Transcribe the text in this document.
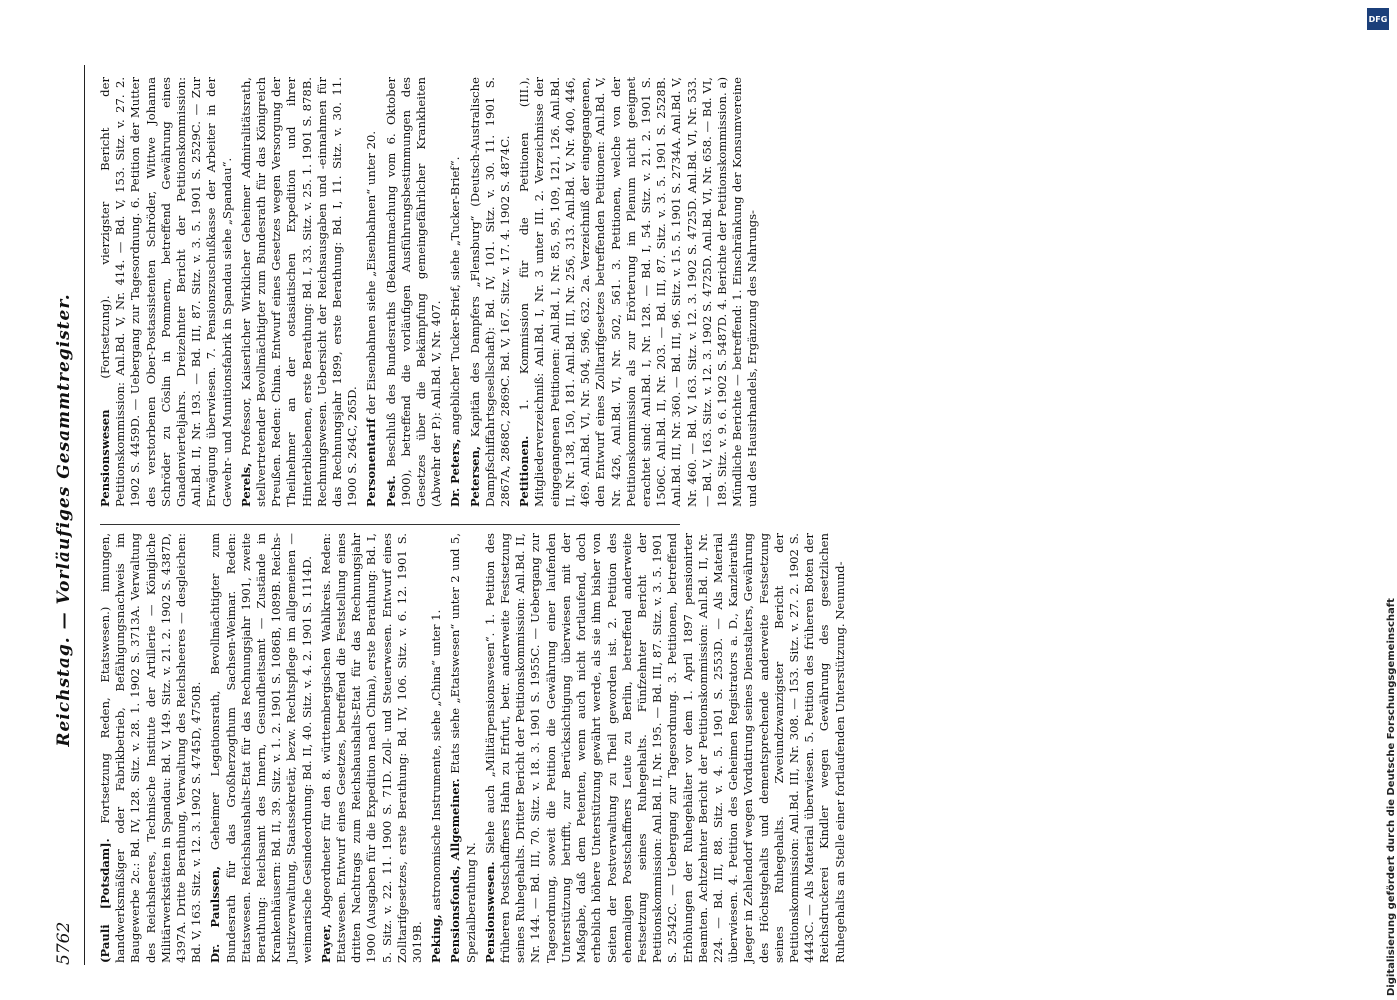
5762
Reichstag. — Vorläufiges Gesammtregister.

(Pauli [Potsdam]. Fortsetzung Reden, Etatswesen.) innungen, handwerksmäßiger oder Fabrikbetrieb, Befähigungsnachweis im Baugewerbe 2c.: Bd. IV, 128. Sitz. v. 28. 1. 1902 S. 3713A. Verwaltung des Reichsheeres, Technische Institute der Artillerie — Königliche Militärwerkstätten in Spandau: Bd. V, 149. Sitz. v. 21. 2. 1902 S. 4387D, 4397A. Dritte Berathung, Verwaltung des Reichsheeres — desgleichen: Bd. V, 163. Sitz. v. 12. 3. 1902 S. 4745D, 4750B. Dr. Paulssen, Geheimer Legationsrath, Bevollmächtigter zum Bundesrath für das Großherzogthum Sachsen-Weimar. Reden: Etatswesen. Reichshaushalts-Etat für das Rechnungsjahr 1901, zweite Berathung: Reichsamt des Innern, Gesundheitsamt — Zustände in Krankenhäusern: Bd. II, 39. Sitz. v. 1. 2. 1901 S. 1086B, 1089B. Reichs-Justizverwaltung, Staatssekretär, bezw. Rechtspflege im allgemeinen — weimarische Gesindeordnung: Bd. II, 40. Sitz. v. 4. 2. 1901 S. 1114D. Payer, Abgeordneter für den 8. württembergischen Wahlkreis. Reden: Etatswesen. Entwurf eines Gesetzes, betreffend die Feststellung eines dritten Nachtrags zum Reichshaushalts-Etat für das Rechnungsjahr 1900 (Ausgaben für die Expedition nach China), erste Berathung: Bd. I, 5. Sitz. v. 22. 11. 1900 S. 71D. Zoll- und Steuerwesen. Entwurf eines Zolltarifgesetzes, erste Berathung: Bd. IV, 106. Sitz. v. 6. 12. 1901 S. 3019B. Peking, astronomische Instrumente, siehe „China“ unter 1. Pensionsfonds, Allgemeiner. Etats siehe „Etatswesen“ unter 2 und 5, Spezialberathung N. Pensionswesen. Siehe auch „Militärpensionswesen“. 1. Petition des früheren Postschaffners Hahn zu Erfurt, betr. anderweite Festsetzung seines Ruhegehalts. Dritter Bericht der Petitionskommission: Anl.Bd. II, Nr. 144. — Bd. III, 70. Sitz. v. 18. 3. 1901 S. 1955C. — Uebergang zur Tagesordnung, soweit die Petition die Gewährung einer laufenden Unterstützung betrifft, zur Berücksichtigung überwiesen mit der Maßgabe, daß dem Petenten, wenn auch nicht fortlaufend, doch erheblich höhere Unterstützung gewährt werde, als sie ihm bisher von Seiten der Postverwaltung zu Theil geworden ist. 2. Petition des ehemaligen Postschaffners Leute zu Berlin, betreffend anderweite Festsetzung seines Ruhegehalts. Fünfzehnter Bericht der Petitionskommission: Anl.Bd. II, Nr. 195. — Bd. III, 87. Sitz. v. 3. 5. 1901 S. 2542C. — Uebergang zur Tagesordnung. 3. Petitionen, betreffend Erhöhungen der Ruhegehälter vor dem 1. April 1897 pensionirter Beamten. Achtzehnter Bericht der Petitionskommission: Anl.Bd. II, Nr. 224. — Bd. III, 88. Sitz. v. 4. 5. 1901 S. 2553D. — Als Material überwiesen. 4. Petition des Geheimen Registrators a. D., Kanzleiraths Jaeger in Zehlendorf wegen Vordatirung seines Dienstalters, Gewährung des Höchstgehalts und dementsprechende anderweite Festsetzung seines Ruhegehalts. Zweiundzwanzigster Bericht der Petitionskommission: Anl.Bd. III, Nr. 308. — 153. Sitz. v. 27. 2. 1902 S. 4443C. — Als Material überwiesen. 5. Petition des früheren Boten der Reichsdruckerei Kindler wegen Gewährung des gesetzlichen Ruhegehalts an Stelle einer fortlaufenden Unterstützung. Neunund-

Pensionswesen (Fortsetzung). vierzigster Bericht der Petitionskommission: Anl.Bd. V, Nr. 414. — Bd. V, 153. Sitz. v. 27. 2. 1902 S. 4459D. — Uebergang zur Tagesordnung. 6. Petition der Mutter des verstorbenen Ober-Postassistenten Schröder, Wittwe Johanna Schröder zu Cöslin in Pommern, betreffend Gewährung eines Gnadenvierteljahrs. Dreizehnter Bericht der Petitionskommission: Anl.Bd. II, Nr. 193. — Bd. III, 87. Sitz. v. 3. 5. 1901 S. 2529C. — Zur Erwägung überwiesen. 7. Pensionszuschußkasse der Arbeiter in der Gewehr- und Munitionsfabrik in Spandau siehe „Spandau“. Perels, Professor, Kaiserlicher Wirklicher Geheimer Admiralitätsrath, stellvertretender Bevollmächtigter zum Bundesrath für das Königreich Preußen. Reden: China. Entwurf eines Gesetzes wegen Versorgung der Theilnehmer an der ostasiatischen Expedition und ihrer Hinterbliebenen, erste Berathung: Bd. I, 33. Sitz. v. 25. 1. 1901 S. 878B. Rechnungswesen. Uebersicht der Reichsausgaben und -einnahmen für das Rechnungsjahr 1899, erste Berathung: Bd. I, 11. Sitz. v. 30. 11. 1900 S. 264C, 265D. Personentarif der Eisenbahnen siehe „Eisenbahnen“ unter 20.

Pest. Beschluß des Bundesraths (Bekanntmachung vom 6. Oktober 1900), betreffend die vorläufigen Ausführungsbestimmungen des Gesetzes über die Bekämpfung gemeingefährlicher Krankheiten (Abwehr der P.): Anl.Bd. V, Nr. 407. Dr. Peters, angeblicher Tucker-Brief, siehe „Tucker-Brief“.

Petersen, Kapitän des Dampfers „Flensburg“ (Deutsch-Australische Dampfschiffahrtsgesellschaft): Bd. IV, 101. Sitz. v. 30. 11. 1901 S. 2867A, 2868C, 2869C. Bd. V, 167. Sitz. v. 17. 4. 1902 S. 4874C. Petitionen. 1. Kommission für die Petitionen (III.), Mitgliederverzeichniß: Anl.Bd. I, Nr. 3 unter III. 2. Verzeichnisse der eingegangenen Petitionen: Anl.Bd. I, Nr. 85, 95, 109, 121, 126. Anl.Bd. II, Nr. 138, 150, 181. Anl.Bd. III, Nr. 256, 313. Anl.Bd. V, Nr. 400, 446, 469. Anl.Bd. VI, Nr. 504, 596, 632. 2a. Verzeichniß der eingegangenen, den Entwurf eines Zolltarifgesetzes betreffenden Petitionen: Anl.Bd. V, Nr. 426, Anl.Bd. VI, Nr. 502, 561. 3. Petitionen, welche von der Petitionskommission als zur Erörterung im Plenum nicht geeignet erachtet sind: Anl.Bd. I, Nr. 128. — Bd. I, 54. Sitz. v. 21. 2. 1901 S. 1506C. Anl.Bd. II, Nr. 203. — Bd. III, 87. Sitz. v. 3. 5. 1901 S. 2528B. Anl.Bd. III, Nr. 360. — Bd. III, 96. Sitz. v. 15. 5. 1901 S. 2734A. Anl.Bd. V, Nr. 460. — Bd. V, 163. Sitz. v. 12. 3. 1902 S. 4725D. Anl.Bd. VI, Nr. 533. — Bd. V, 163. Sitz. v. 12. 3. 1902 S. 4725D. Anl.Bd. VI, Nr. 658. — Bd. VI, 189. Sitz. v. 9. 6. 1902 S. 5487D. 4. Berichte der Petitionskommission. a) Mündliche Berichte — betreffend: 1. Einschränkung der Konsumvereine und des Hausirhandels, Ergänzung des Nahrungs-

DFG
Digitalisierung gefördert durch die Deutsche Forschungsgemeinschaft
